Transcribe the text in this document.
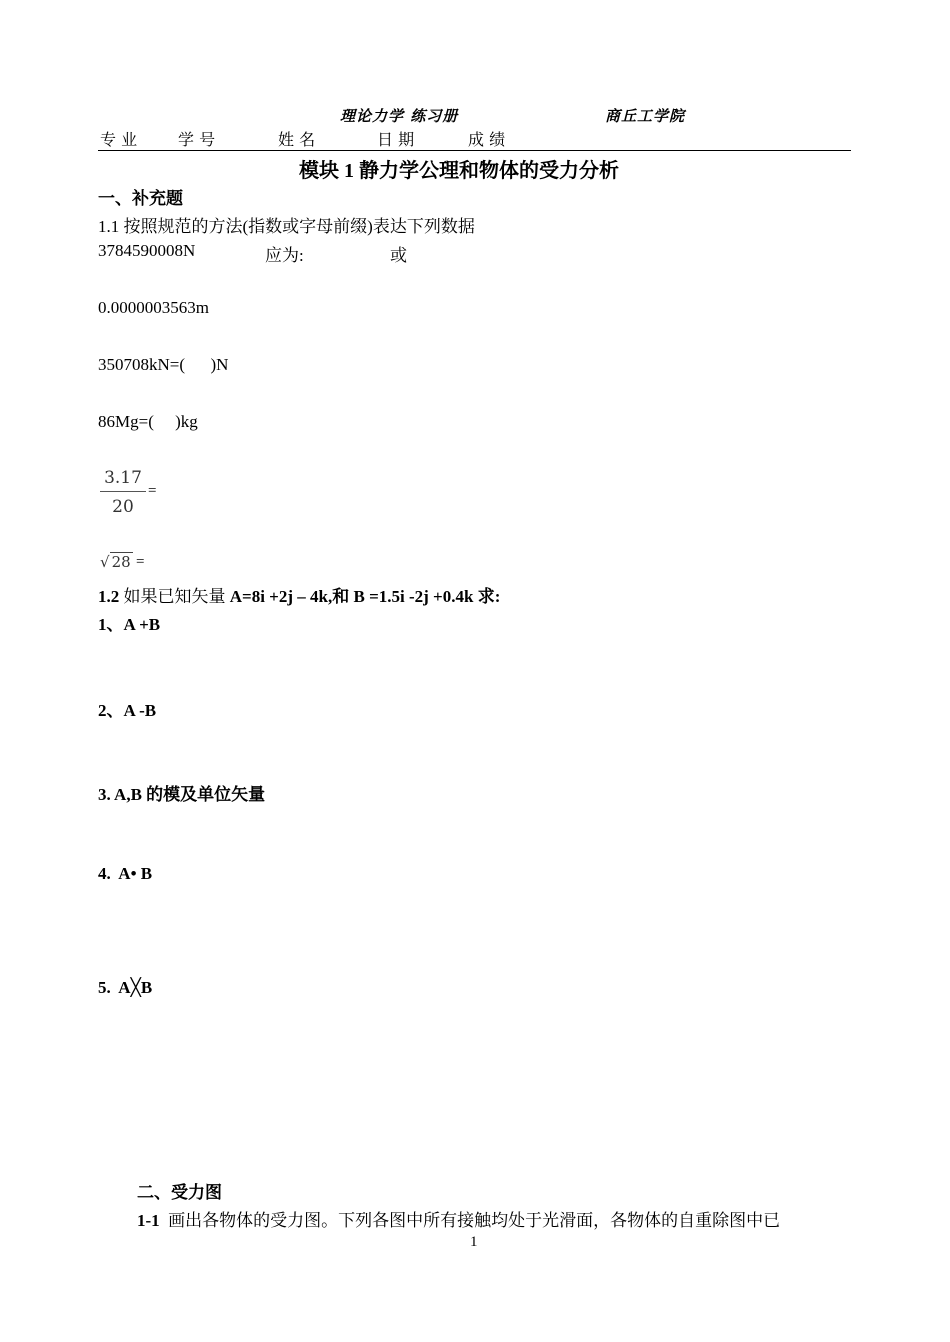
理论力学 练习册	商丘工学院
专 业	学 号	姓 名	日 期	成 绩
模块 1 静力学公理和物体的受力分析
一、补充题
1.1 按照规范的方法(指数或字母前缀)表达下列数据
3784590008N	应为:	或
0.0000003563m
350708kN=(      )N
86Mg=(     )kg
$\frac{3.17}{20}$ =
√ 28 =
1.2 如果已知矢量 A=8i +2j – 4k,和 B =1.5i -2j +0.4k 求:
1、A +B
2、A -B
3. A,B 的模及单位矢量
4.  A• B
5.  A╳B
二、受力图
1-1  画出各物体的受力图。下列各图中所有接触均处于光滑面，各物体的自重除图中已
1
